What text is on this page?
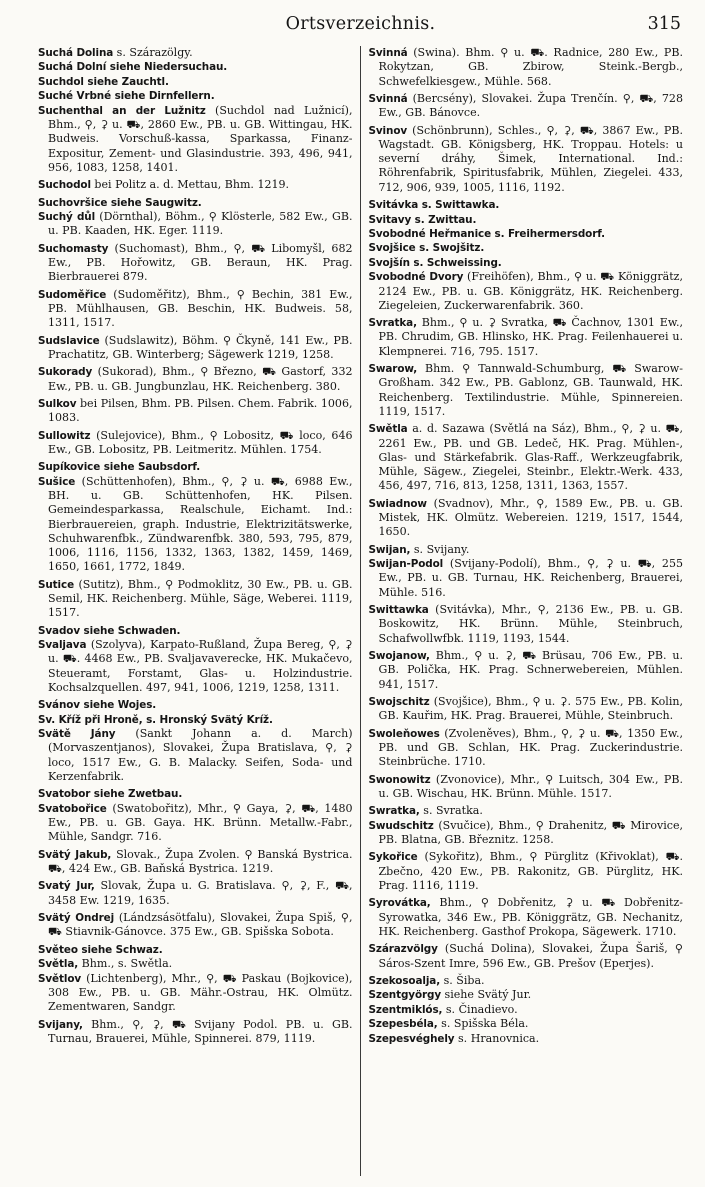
Ortsverzeichnis.	315
Suchá Dolina s. Szárazölgy.
Suchá Dolní siehe Niedersuchau.
Suchdol siehe Zauchtl.
Suché Vrbné siehe Dirnfellern.
Suchenthal an der Lužnitz (Suchdol nad Lužnicí), Bhm., ⚲, ⚳ u. ⛟, 2860 Ew., PB. u. GB. Wittingau, HK. Budweis. Vorschuß-kassa, Sparkassa, Finanz-Expositur, Zement- und Glasindustrie. 393, 496, 941, 956, 1083, 1258, 1401.
Suchodol bei Politz a. d. Mettau, Bhm. 1219.
Suchovršice siehe Saugwitz.
Suchý důl (Dörnthal), Böhm., ⚲ Klösterle, 582 Ew., GB. u. PB. Kaaden, HK. Eger. 1119.
Suchomasty (Suchomast), Bhm., ⚲, ⛟ Libomyšl, 682 Ew., PB. Hořowitz, GB. Beraun, HK. Prag. Bierbrauerei 879.
Sudoměřice (Sudoměřitz), Bhm., ⚲ Bechin, 381 Ew., PB. Mühlhausen, GB. Beschin, HK. Budweis. 58, 1311, 1517.
Sudslavice (Sudslawitz), Böhm. ⚲ Čkyně, 141 Ew., PB. Prachatitz, GB. Winterberg; Sägewerk 1219, 1258.
Sukorady (Sukorad), Bhm., ⚲ Březno, ⛟ Gastorf, 332 Ew., PB. u. GB. Jungbunzlau, HK. Reichenberg. 380.
Sulkov bei Pilsen, Bhm. PB. Pilsen. Chem. Fabrik. 1006, 1083.
Sullowitz (Sulejovice), Bhm., ⚲ Lobositz, ⛟ loco, 646 Ew., GB. Lobositz, PB. Leitmeritz. Mühlen. 1754.
Supíkovice siehe Saubsdorf.
Sušice (Schüttenhofen), Bhm., ⚲, ⚳ u. ⛟, 6988 Ew., BH. u. GB. Schüttenhofen, HK. Pilsen. Gemeindesparkassa, Realschule, Eichamt. Ind.: Bierbrauereien, graph. Industrie, Elektrizitätswerke, Schuhwarenfbk., Zündwarenfbk. 380, 593, 795, 879, 1006, 1116, 1156, 1332, 1363, 1382, 1459, 1469, 1650, 1661, 1772, 1849.
Sutice (Sutitz), Bhm., ⚲ Podmoklitz, 30 Ew., PB. u. GB. Semil, HK. Reichenberg. Mühle, Säge, Weberei. 1119, 1517.
Svadov siehe Schwaden.
Svaljava (Szolyva), Karpato-Rußland, Župa Bereg, ⚲, ⚳ u. ⛟. 4468 Ew., PB. Svaljavaverecke, HK. Mukačevo, Steueramt, Forstamt, Glas- u. Holzindustrie. Kochsalzquellen. 497, 941, 1006, 1219, 1258, 1311.
Svánov siehe Wojes.
Sv. Kříž při Hroně, s. Hronský Svätý Kríž.
Svätě Jány (Sankt Johann a. d. March) (Morvaszentjanos), Slovakei, Župa Bratislava, ⚲, ⚳ loco, 1517 Ew., G. B. Malacky. Seifen, Soda- und Kerzenfabrik.
Svatobor siehe Zwetbau.
Svatobořice (Swatobořitz), Mhr., ⚲ Gaya, ⚳, ⛟, 1480 Ew., PB. u. GB. Gaya. HK. Brünn. Metallw.-Fabr., Mühle, Sandgr. 716.
Svätý Jakub, Slovak., Župa Zvolen. ⚲ Banská Bystrica. ⛟, 424 Ew., GB. Baňská Bystrica. 1219.
Svatý Jur, Slovak, Župa u. G. Bratislava. ⚲, ⚳, F., ⛟, 3458 Ew. 1219, 1635.
Svätý Ondrej (Lándzsásötfalu), Slovakei, Župa Spiš, ⚲, ⛟ Stiavnik-Gánovce. 375 Ew., GB. Spišska Sobota.
Světeo siehe Schwaz.
Světla, Bhm., s. Swětla.
Světlov (Lichtenberg), Mhr., ⚲, ⛟ Paskau (Bojkovice), 308 Ew., PB. u. GB. Mähr.-Ostrau, HK. Olmütz. Zementwaren, Sandgr.
Svijany, Bhm., ⚲, ⚳, ⛟ Svijany Podol. PB. u. GB. Turnau, Brauerei, Mühle, Spinnerei. 879, 1119.
Svinná (Swina). Bhm. ⚲ u. ⛟. Radnice, 280 Ew., PB. Rokytzan, GB. Zbirow, Steink.-Bergb., Schwefelkiesgew., Mühle. 568.
Svinná (Bercsény), Slovakei. Župa Trenčín. ⚲, ⛟, 728 Ew., GB. Bánovce.
Svinov (Schönbrunn), Schles., ⚲, ⚳, ⛟, 3867 Ew., PB. Wagstadt. GB. Königsberg, HK. Troppau. Hotels: u severní dráhy, Šimek, International. Ind.: Röhrenfabrik, Spiritusfabrik, Mühlen, Ziegelei. 433, 712, 906, 939, 1005, 1116, 1192.
Svitávka s. Swittawka.
Svitavy s. Zwittau.
Svobodné Heřmanice s. Freihermersdorf.
Svojšice s. Swojšitz.
Svojšín s. Schweissing.
Svobodné Dvory (Freihöfen), Bhm., ⚲ u. ⛟ Königgrätz, 2124 Ew., PB. u. GB. Königgrätz, HK. Reichenberg. Ziegeleien, Zuckerwarenfabrik. 360.
Svratka, Bhm., ⚲ u. ⚳ Svratka, ⛟ Čachnov, 1301 Ew., PB. Chrudim, GB. Hlinsko, HK. Prag. Feilenhauerei u. Klempnerei. 716, 795. 1517.
Swarow, Bhm. ⚲ Tannwald-Schumburg, ⛟ Swarow-Großham. 342 Ew., PB. Gablonz, GB. Taunwald, HK. Reichenberg. Textilindustrie. Mühle, Spinnereien. 1119, 1517.
Swětla a. d. Sazawa (Světlá na Sáz), Bhm., ⚲, ⚳ u. ⛟, 2261 Ew., PB. und GB. Ledeč, HK. Prag. Mühlen-, Glas- und Stärkefabrik. Glas-Raff., Werkzeugfabrik, Mühle, Sägew., Ziegelei, Steinbr., Elektr.-Werk. 433, 456, 497, 716, 813, 1258, 1311, 1363, 1557.
Swiadnow (Svadnov), Mhr., ⚲, 1589 Ew., PB. u. GB. Mistek, HK. Olmütz. Webereien. 1219, 1517, 1544, 1650.
Swijan, s. Svijany.
Swijan-Podol (Svijany-Podolí), Bhm., ⚲, ⚳ u. ⛟, 255 Ew., PB. u. GB. Turnau, HK. Reichenberg, Brauerei, Mühle. 516.
Swittawka (Svitávka), Mhr., ⚲, 2136 Ew., PB. u. GB. Boskowitz, HK. Brünn. Mühle, Steinbruch, Schafwollwfbk. 1119, 1193, 1544.
Swojanow, Bhm., ⚲ u. ⚳, ⛟ Brüsau, 706 Ew., PB. u. GB. Polička, HK. Prag. Schnerwebereien, Mühlen. 941, 1517.
Swojschitz (Svojšice), Bhm., ⚲ u. ⚳. 575 Ew., PB. Kolin, GB. Kauřim, HK. Prag. Brauerei, Mühle, Steinbruch.
Swoleňowes (Zvoleněves), Bhm., ⚲, ⚳ u. ⛟, 1350 Ew., PB. und GB. Schlan, HK. Prag. Zuckerindustrie. Steinbrüche. 1710.
Swonowitz (Zvonovice), Mhr., ⚲ Luitsch, 304 Ew., PB. u. GB. Wischau, HK. Brünn. Mühle. 1517.
Swratka, s. Svratka.
Swudschitz (Svučice), Bhm., ⚲ Drahenitz, ⛟ Mirovice, PB. Blatna, GB. Březnitz. 1258.
Sykořice (Sykořitz), Bhm., ⚲ Pürglitz (Křivoklat), ⛟. Zbečno, 420 Ew., PB. Rakonitz, GB. Pürglitz, HK. Prag. 1116, 1119.
Syrovátka, Bhm., ⚲ Dobřenitz, ⚳ u. ⛟ Dobřenitz-Syrowatka, 346 Ew., PB. Königgrätz, GB. Nechanitz, HK. Reichenberg. Gasthof Prokopa, Sägewerk. 1710.
Szárazvölgy (Suchá Dolina), Slovakei, Župa Šariš, ⚲ Sáros-Szent Imre, 596 Ew., GB. Prešov (Eperjes).
Szekosoalja, s. Šiba.
Szentgyörgy siehe Svätý Jur.
Szentmiklós, s. Činadievo.
Szepesbéla, s. Spišska Béla.
Szepesvéghely s. Hranovnica.
